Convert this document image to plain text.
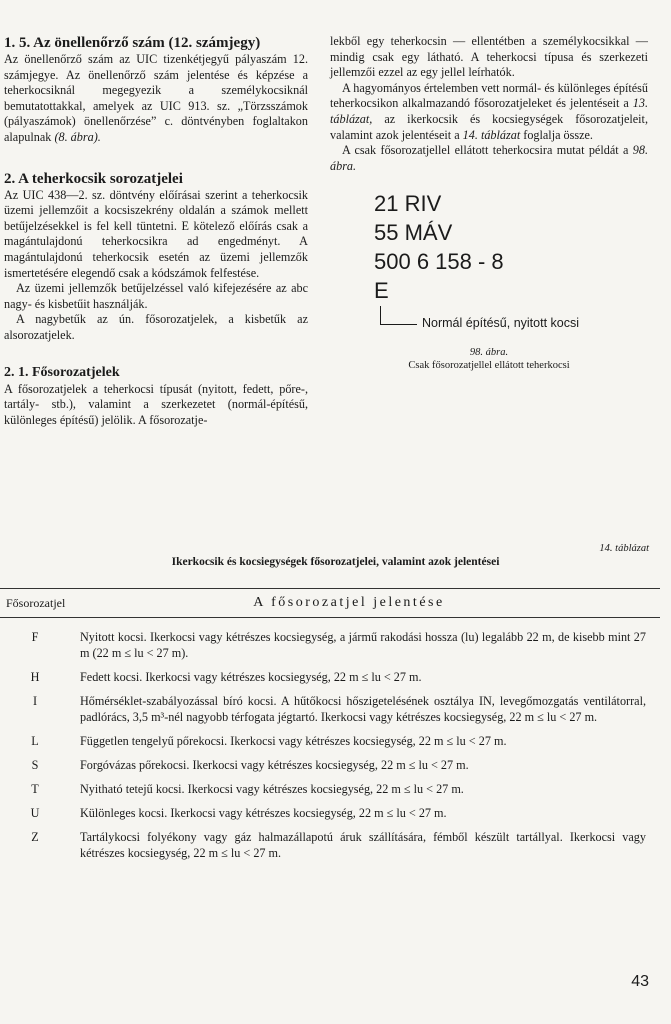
1. 5. Az önellenőrző szám (12. számjegy)

Az önellenőrző szám az UIC tizenkétjegyű pályaszám 12. számjegye. Az önellenőrző szám jelentése és képzése a teherkocsiknál megegyezik a személykocsiknál bemutatottakkal, amelyek az UIC 913. sz. „Törzsszámok (pályaszámok) önellenőrzése” c. döntvényben foglaltakon alapulnak (8. ábra).

2. A teherkocsik sorozatjelei

Az UIC 438—2. sz. döntvény előírásai szerint a teherkocsik üzemi jellemzőit a kocsiszekrény oldalán a számok mellett betűjelzésekkel is fel kell tüntetni. E kötelező előírás csak a magántulajdonú teherkocsikra ad engedményt. A magántulajdonú teherkocsik esetén az üzemi jellemzők ismertetésére elegendő csak a kódszámok felfestése.

Az üzemi jellemzők betűjelzéssel való kifejezésére az abc nagy- és kisbetűit használják.

A nagybetűk az ún. fősorozatjelek, a kisbetűk az alsorozatjelek.

2. 1. Fősorozatjelek

A fősorozatjelek a teherkocsi típusát (nyitott, fedett, pőre-, tartály- stb.), valamint a szerkezetet (normál-építésű, különleges építésű) jelölik. A fősorozatje-

lekből egy teherkocsin — ellentétben a személykocsikkal — mindig csak egy látható. A teherkocsi típusa és szerkezeti jellemzői ezzel az egy jellel leírhatók.

A hagyományos értelemben vett normál- és különleges építésű teherkocsikon alkalmazandó fősorozatjeleket és jelentéseit a 13. táblázat, az ikerkocsik és kocsiegységek fősorozatjeleit, valamint azok jelentéseit a 14. táblázat foglalja össze.

A csak fősorozatjellel ellátott teherkocsira mutat példát a 98. ábra.

21 RIV
55 MÁV
500 6 158 - 8
E
Normál építésű, nyitott kocsi
98. ábra.
Csak fősorozatjellel ellátott teherkocsi
14. táblázat
Ikerkocsik és kocsiegységek fősorozatjelei, valamint azok jelentései
Fősorozatjel	A fősorozatjel jelentése
F	Nyitott kocsi. Ikerkocsi vagy kétrészes kocsiegység, a jármű rakodási hossza (lu) legalább 22 m, de kisebb mint 27 m (22 m ≤ lu < 27 m).
H	Fedett kocsi. Ikerkocsi vagy kétrészes kocsiegység, 22 m ≤ lu < 27 m.
I	Hőmérséklet-szabályozással bíró kocsi. A hűtőkocsi hőszigetelésének osztálya IN, levegőmozgatás ventilátorral, padlórács, 3,5 m³-nél nagyobb térfogata jégtartó. Ikerkocsi vagy kétrészes kocsiegység, 22 m ≤ lu < 27 m.
L	Független tengelyű pőrekocsi. Ikerkocsi vagy kétrészes kocsiegység, 22 m ≤ lu < 27 m.
S	Forgóvázas pőrekocsi. Ikerkocsi vagy kétrészes kocsiegység, 22 m ≤ lu < 27 m.
T	Nyitható tetejű kocsi. Ikerkocsi vagy kétrészes kocsiegység, 22 m ≤ lu < 27 m.
U	Különleges kocsi. Ikerkocsi vagy kétrészes kocsiegység, 22 m ≤ lu < 27 m.
Z	Tartálykocsi folyékony vagy gáz halmazállapotú áruk szállítására, fémből készült tartállyal. Ikerkocsi vagy kétrészes kocsiegység, 22 m ≤ lu < 27 m.
43
